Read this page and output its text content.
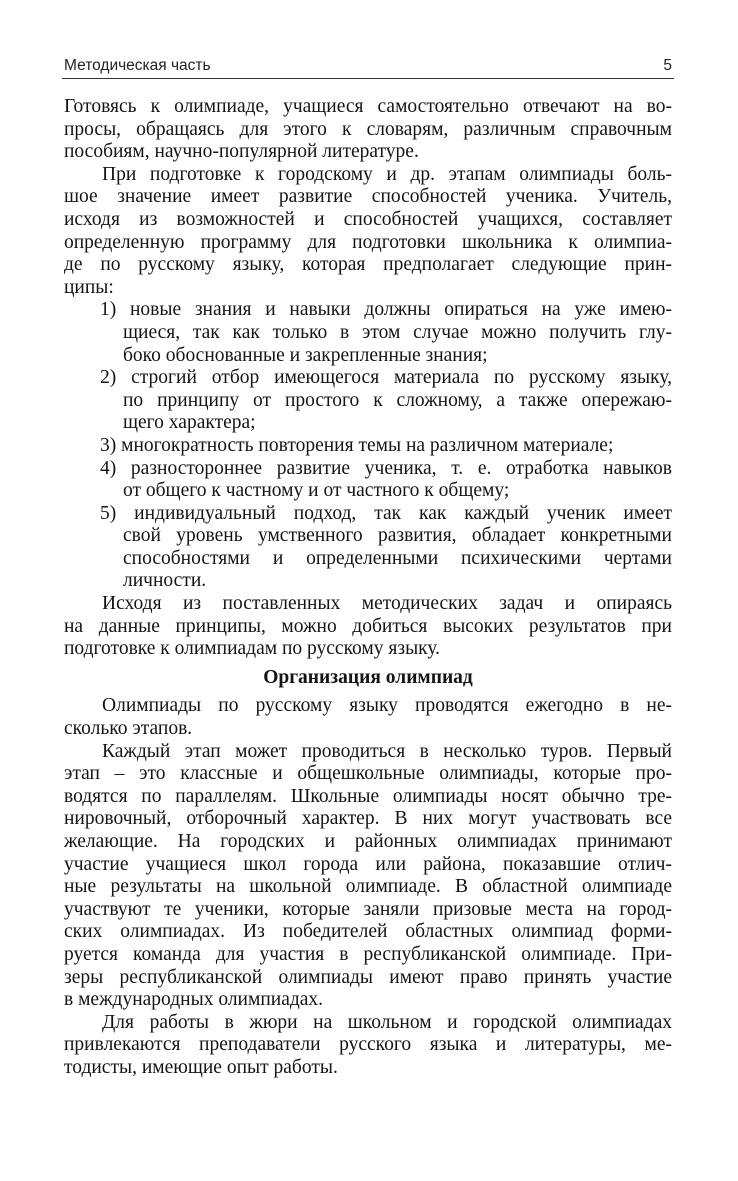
Методическая часть	5
Готовясь к олимпиаде, учащиеся самостоятельно отвечают на во-
просы, обращаясь для этого к словарям, различным справочным
пособиям, научно-популярной литературе.
При подготовке к городскому и др. этапам олимпиады боль-
шое значение имеет развитие способностей ученика. Учитель,
исходя из возможностей и способностей учащихся, составляет
определенную программу для подготовки школьника к олимпиа-
де по русскому языку, которая предполагает следующие прин-
ципы:
1) новые знания и навыки должны опираться на уже имею-
щиеся, так как только в этом случае можно получить глу-
боко обоснованные и закрепленные знания;
2) строгий отбор имеющегося материала по русскому языку,
по принципу от простого к сложному, а также опережаю-
щего характера;
3) многократность повторения темы на различном материале;
4) разностороннее развитие ученика, т. е. отработка навыков
от общего к частному и от частного к общему;
5) индивидуальный подход, так как каждый ученик имеет
свой уровень умственного развития, обладает конкретными
способностями и определенными психическими чертами
личности.
Исходя из поставленных методических задач и опираясь
на данные принципы, можно добиться высоких результатов при
подготовке к олимпиадам по русскому языку.
Организация олимпиад
Олимпиады по русскому языку проводятся ежегодно в не-
сколько этапов.
Каждый этап может проводиться в несколько туров. Первый
этап – это классные и общешкольные олимпиады, которые про-
водятся по параллелям. Школьные олимпиады носят обычно тре-
нировочный, отборочный характер. В них могут участвовать все
желающие. На городских и районных олимпиадах принимают
участие учащиеся школ города или района, показавшие отлич-
ные результаты на школьной олимпиаде. В областной олимпиаде
участвуют те ученики, которые заняли призовые места на город-
ских олимпиадах. Из победителей областных олимпиад форми-
руется команда для участия в республиканской олимпиаде. При-
зеры республиканской олимпиады имеют право принять участие
в международных олимпиадах.
Для работы в жюри на школьном и городской олимпиадах
привлекаются преподаватели русского языка и литературы, ме-
тодисты, имеющие опыт работы.
